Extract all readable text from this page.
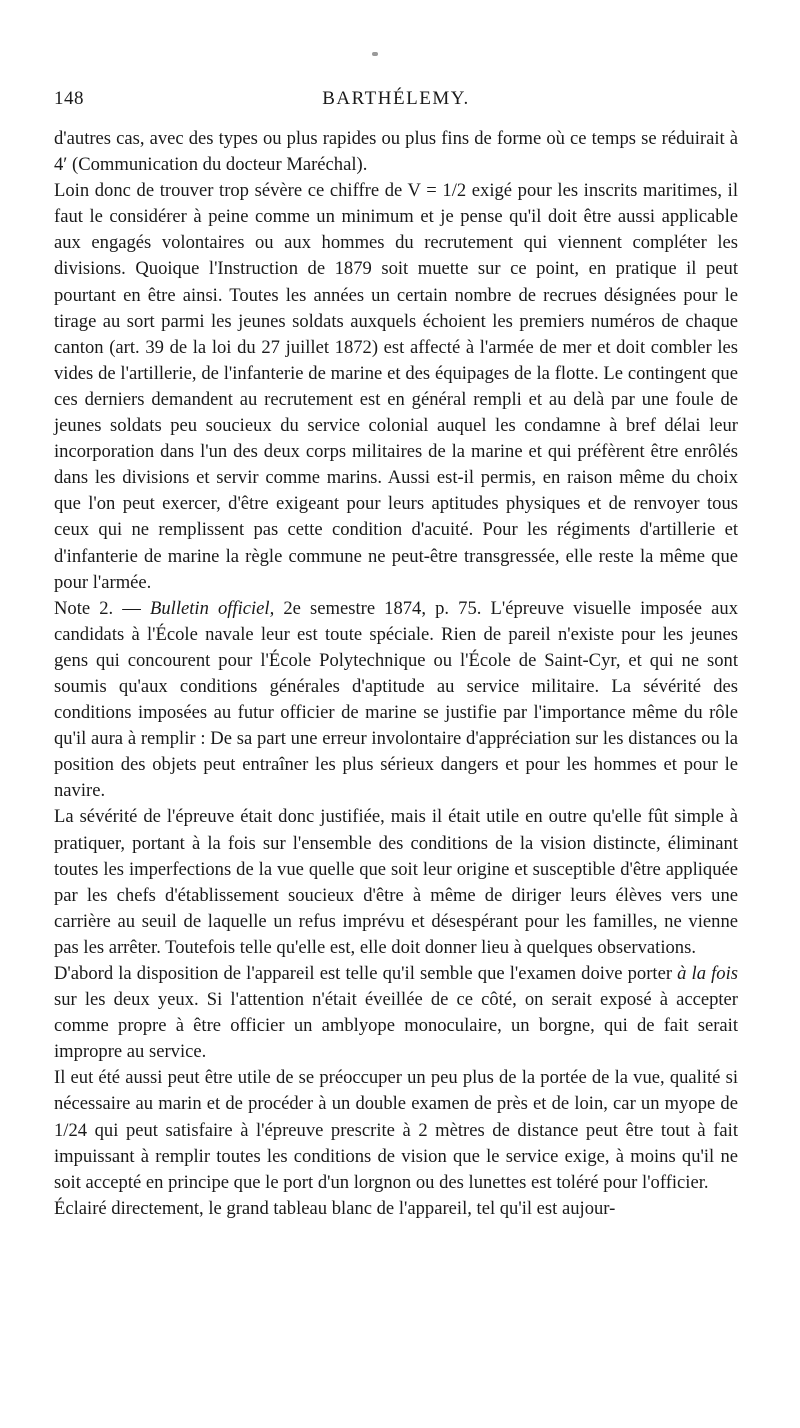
148	BARTHÉLEMY.

d'autres cas, avec des types ou plus rapides ou plus fins de forme où ce temps se réduirait à 4′ (Communication du docteur Maréchal).

Loin donc de trouver trop sévère ce chiffre de V = 1/2 exigé pour les inscrits maritimes, il faut le considérer à peine comme un minimum et je pense qu'il doit être aussi applicable aux engagés volontaires ou aux hommes du recrutement qui viennent compléter les divisions. Quoique l'Instruction de 1879 soit muette sur ce point, en pratique il peut pourtant en être ainsi. Toutes les années un certain nombre de recrues désignées pour le tirage au sort parmi les jeunes soldats auxquels échoient les premiers numéros de chaque canton (art. 39 de la loi du 27 juillet 1872) est affecté à l'armée de mer et doit combler les vides de l'artillerie, de l'infanterie de marine et des équipages de la flotte. Le contingent que ces derniers demandent au recrutement est en général rempli et au delà par une foule de jeunes soldats peu soucieux du service colonial auquel les condamne à bref délai leur incorporation dans l'un des deux corps militaires de la marine et qui préfèrent être enrôlés dans les divisions et servir comme marins. Aussi est-il permis, en raison même du choix que l'on peut exercer, d'être exigeant pour leurs aptitudes physiques et de renvoyer tous ceux qui ne remplissent pas cette condition d'acuité. Pour les régiments d'artillerie et d'infanterie de marine la règle commune ne peut-être transgressée, elle reste la même que pour l'armée.

Note 2. — Bulletin officiel, 2e semestre 1874, p. 75. L'épreuve visuelle imposée aux candidats à l'École navale leur est toute spéciale. Rien de pareil n'existe pour les jeunes gens qui concourent pour l'École Polytechnique ou l'École de Saint-Cyr, et qui ne sont soumis qu'aux conditions générales d'aptitude au service militaire. La sévérité des conditions imposées au futur officier de marine se justifie par l'importance même du rôle qu'il aura à remplir : De sa part une erreur involontaire d'appréciation sur les distances ou la position des objets peut entraîner les plus sérieux dangers et pour les hommes et pour le navire.

La sévérité de l'épreuve était donc justifiée, mais il était utile en outre qu'elle fût simple à pratiquer, portant à la fois sur l'ensemble des conditions de la vision distincte, éliminant toutes les imperfections de la vue quelle que soit leur origine et susceptible d'être appliquée par les chefs d'établissement soucieux d'être à même de diriger leurs élèves vers une carrière au seuil de laquelle un refus imprévu et désespérant pour les familles, ne vienne pas les arrêter. Toutefois telle qu'elle est, elle doit donner lieu à quelques observations.

D'abord la disposition de l'appareil est telle qu'il semble que l'examen doive porter à la fois sur les deux yeux. Si l'attention n'était éveillée de ce côté, on serait exposé à accepter comme propre à être officier un amblyope monoculaire, un borgne, qui de fait serait impropre au service.

Il eut été aussi peut être utile de se préoccuper un peu plus de la portée de la vue, qualité si nécessaire au marin et de procéder à un double examen de près et de loin, car un myope de 1/24 qui peut satisfaire à l'épreuve prescrite à 2 mètres de distance peut être tout à fait impuissant à remplir toutes les conditions de vision que le service exige, à moins qu'il ne soit accepté en principe que le port d'un lorgnon ou des lunettes est toléré pour l'officier.

Éclairé directement, le grand tableau blanc de l'appareil, tel qu'il est aujour-
